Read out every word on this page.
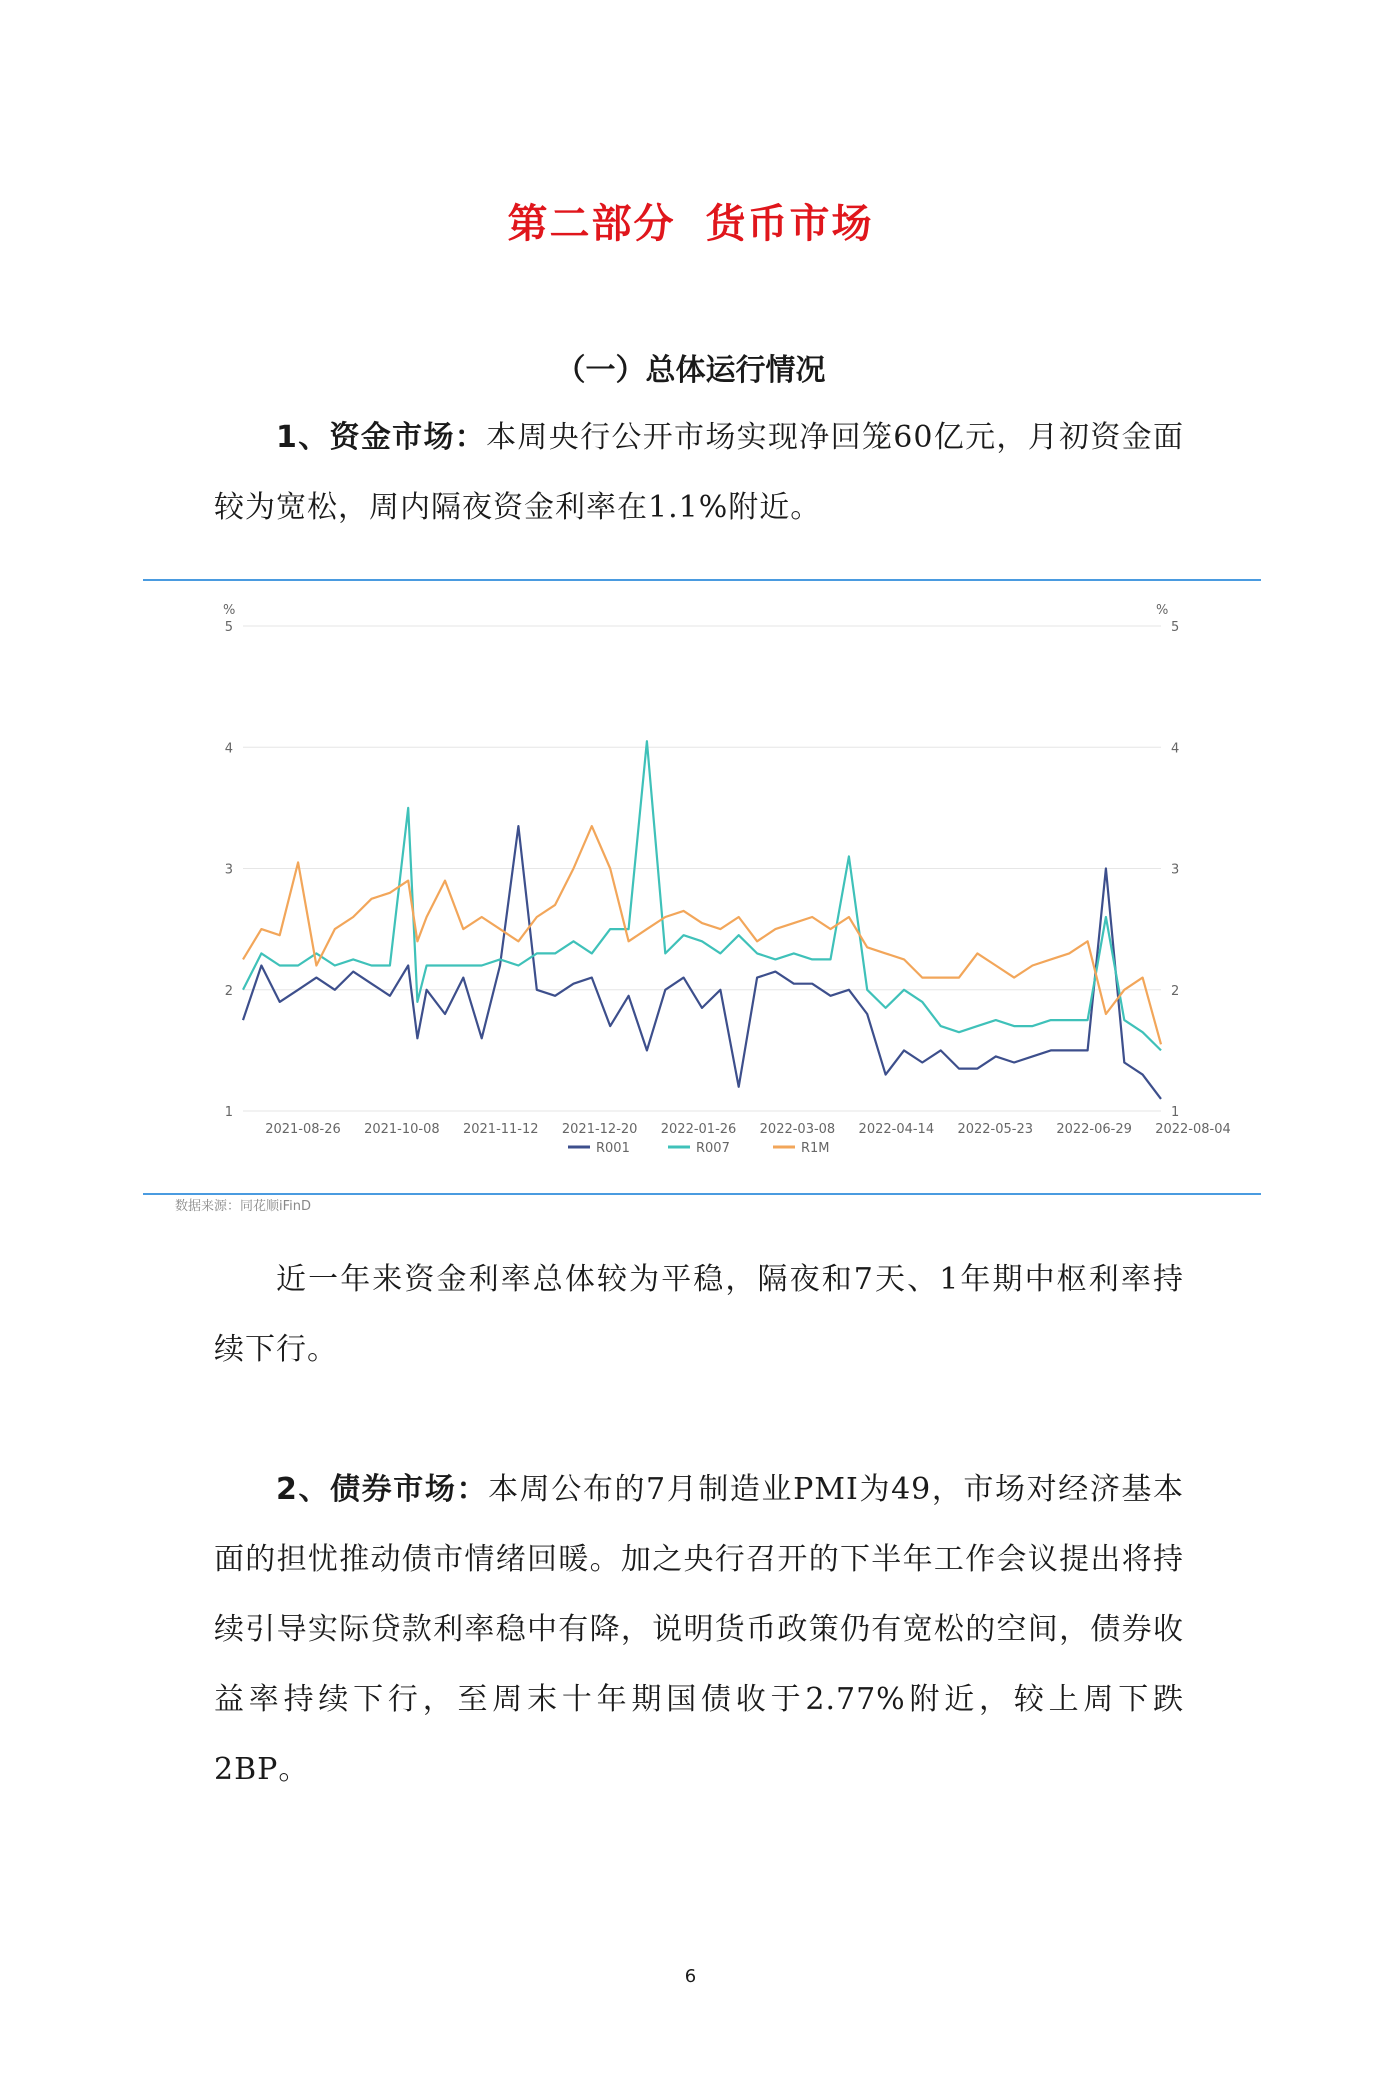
第二部分 货币市场
（一）总体运行情况
1、资金市场：本周央行公开市场实现净回笼60亿元，月初资金面较为宽松，周内隔夜资金利率在1.1%附近。
1	1
2	2
3	3
4	4
5	5
%	%
2021-08-26 2021-10-08 2021-11-12 2021-12-20 2022-01-26 2022-03-08 2022-04-14 2022-05-23 2022-06-29 2022-08-04
R001	R007	R1M
数据来源：同花顺iFinD
近一年来资金利率总体较为平稳，隔夜和7天、1年期中枢利率持续下行。
2、债券市场：本周公布的7月制造业PMI为49，市场对经济基本面的担忧推动债市情绪回暖。加之央行召开的下半年工作会议提出将持续引导实际贷款利率稳中有降，说明货币政策仍有宽松的空间，债券收益率持续下行，至周末十年期国债收于2.77%附近，较上周下跌2BP。
6
